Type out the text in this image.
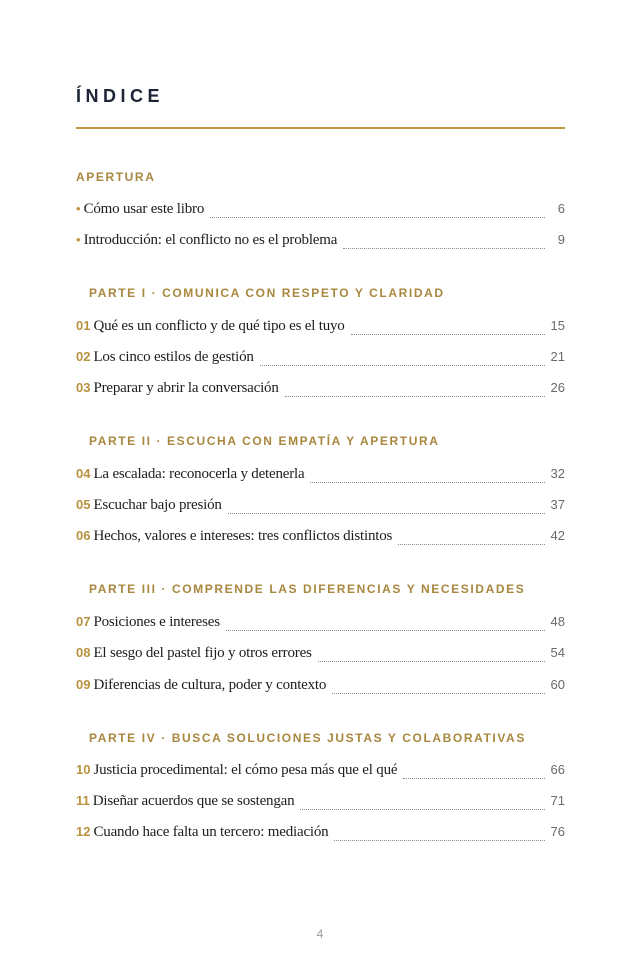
ÍNDICE
APERTURA
• Cómo usar este libro	6
• Introducción: el conflicto no es el problema	9
PARTE I · COMUNICA CON RESPETO Y CLARIDAD
01 Qué es un conflicto y de qué tipo es el tuyo	15
02 Los cinco estilos de gestión	21
03 Preparar y abrir la conversación	26
PARTE II · ESCUCHA CON EMPATÍA Y APERTURA
04 La escalada: reconocerla y detenerla	32
05 Escuchar bajo presión	37
06 Hechos, valores e intereses: tres conflictos distintos	42
PARTE III · COMPRENDE LAS DIFERENCIAS Y NECESIDADES
07 Posiciones e intereses	48
08 El sesgo del pastel fijo y otros errores	54
09 Diferencias de cultura, poder y contexto	60
PARTE IV · BUSCA SOLUCIONES JUSTAS Y COLABORATIVAS
10 Justicia procedimental: el cómo pesa más que el qué	66
11 Diseñar acuerdos que se sostengan	71
12 Cuando hace falta un tercero: mediación	76
4
